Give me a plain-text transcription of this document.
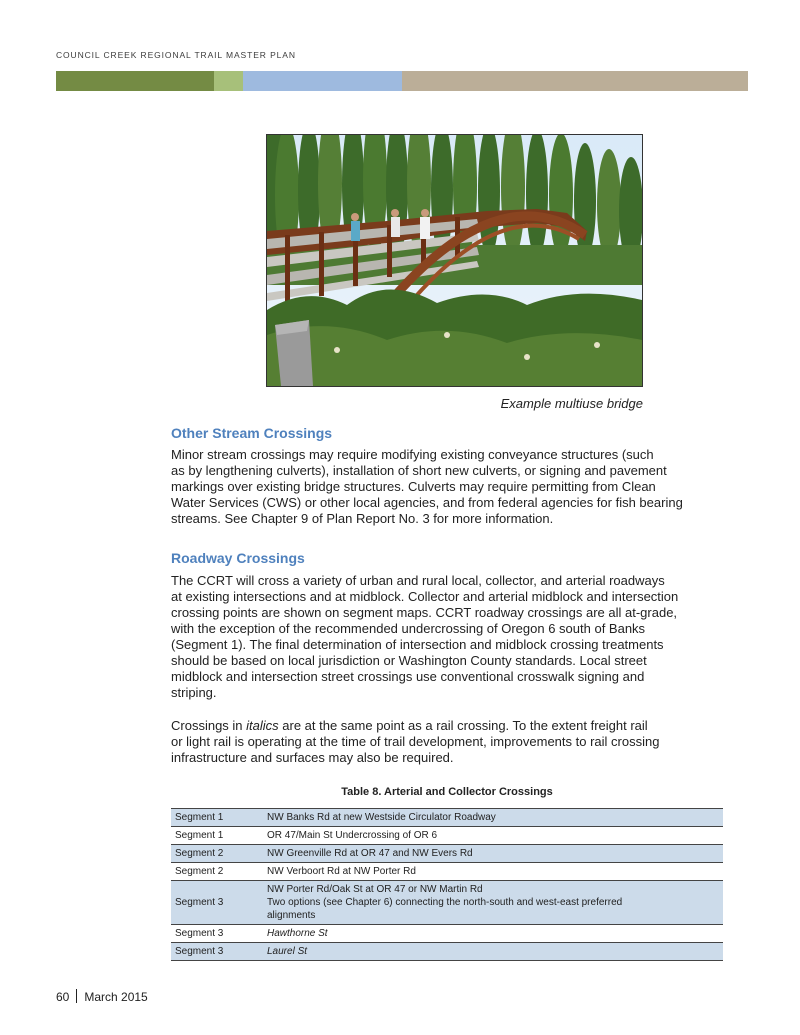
COUNCIL CREEK REGIONAL TRAIL MASTER PLAN
Example multiuse bridge
Other Stream Crossings

Minor stream crossings may require modifying existing conveyance structures (such
as by lengthening culverts), installation of short new culverts, or signing and pavement
markings over existing bridge structures. Culverts may require permitting from Clean
Water Services (CWS) or other local agencies, and from federal agencies for fish bearing
streams. See Chapter 9 of Plan Report No. 3 for more information.

Roadway Crossings

The CCRT will cross a variety of urban and rural local, collector, and arterial roadways
at existing intersections and at midblock. Collector and arterial midblock and intersection
crossing points are shown on segment maps. CCRT roadway crossings are all at-grade,
with the exception of the recommended undercrossing of Oregon 6 south of Banks
(Segment 1). The final determination of intersection and midblock crossing treatments
should be based on local jurisdiction or Washington County standards. Local street
midblock and intersection street crossings use conventional crosswalk signing and
striping.

Crossings in italics are at the same point as a rail crossing. To the extent freight rail
or light rail is operating at the time of trail development, improvements to rail crossing
infrastructure and surfaces may also be required.

Table 8. Arterial and Collector Crossings
Segment 1	NW Banks Rd at new Westside Circulator Roadway
Segment 1	OR 47/Main St Undercrossing of OR 6
Segment 2	NW Greenville Rd at OR 47 and NW Evers Rd
Segment 2	NW Verboort Rd at NW Porter Rd
Segment 3	NW Porter Rd/Oak St at OR 47 or NW Martin Rd
Two options (see Chapter 6) connecting the north-south and west-east preferred
alignments

Segment 3	Hawthorne St
Segment 3	Laurel St
60 March 2015
